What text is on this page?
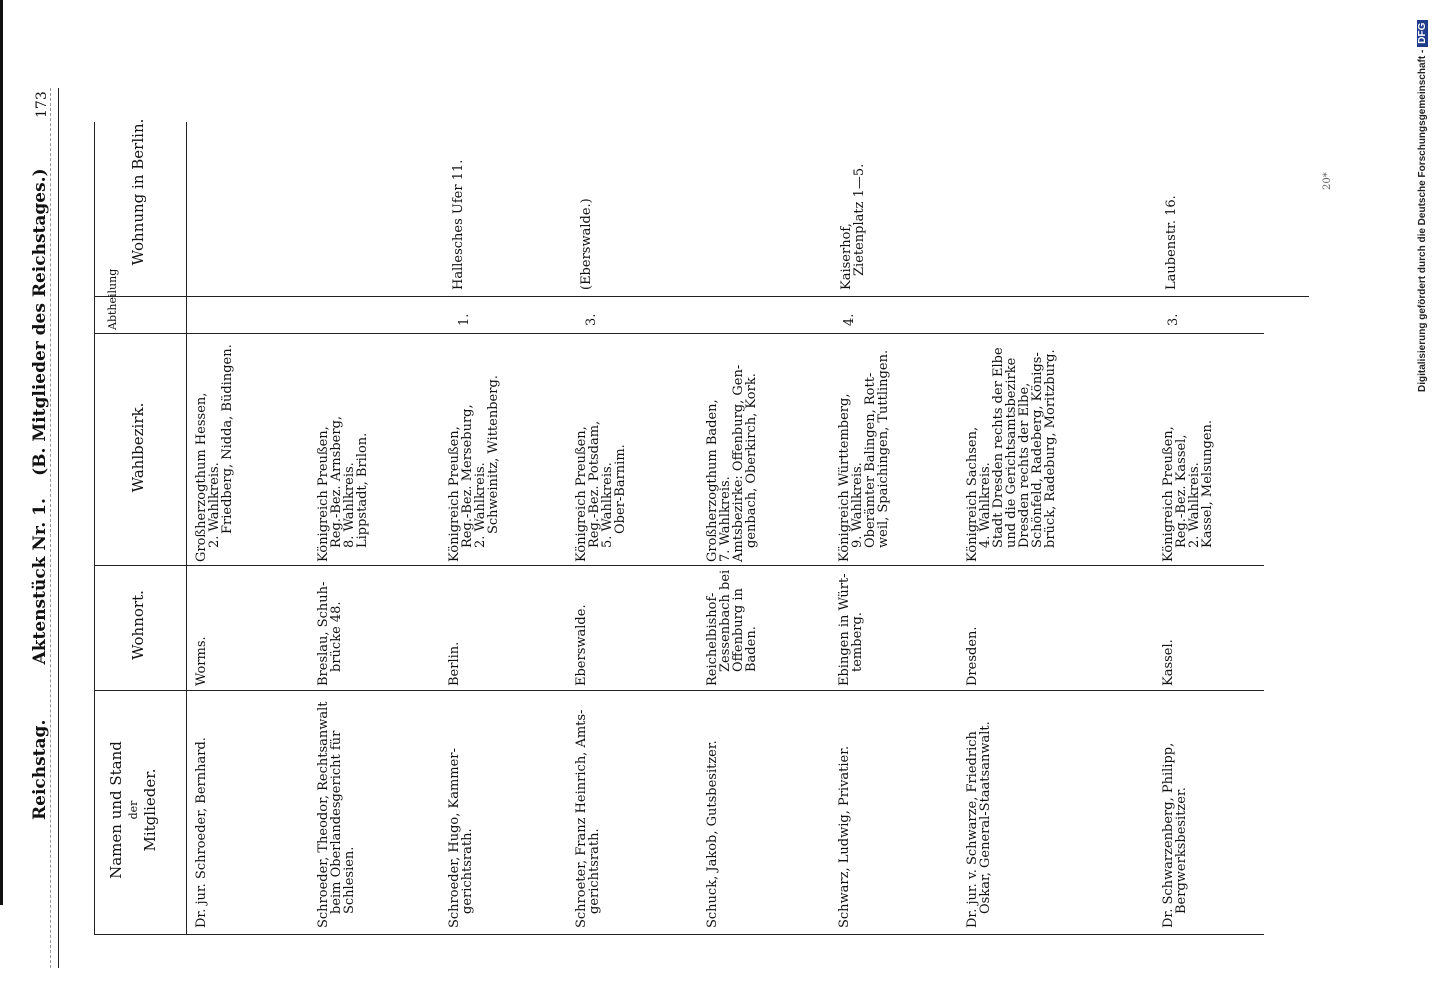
Reichstag.  Aktenstück Nr. 1.  (B. Mitglieder des Reichstages.)
173
Namen und Stand der Mitglieder.
Wohnort.
Wahlbezirk.
Abtheilung
Wohnung in Berlin.
Dr. jur. Schroeder, Bernhard.
Worms.
Großherzogthum Hessen,
2. Wahlkreis.
Friedberg, Nidda, Büdingen.
Schroeder, Theodor, Rechtsanwalt
beim Oberlandesgericht für
Schlesien.
Breslau, Schuh-
brücke 48.
Königreich Preußen,
Reg.-Bez. Arnsberg,
8. Wahlkreis.
Lippstadt, Brilon.
Schroeder, Hugo, Kammer-
gerichtsrath.
Berlin.
Königreich Preußen,
Reg.-Bez. Merseburg,
2. Wahlkreis.
Schweinitz, Wittenberg.
1.
Hallesches Ufer 11.
Schroeter, Franz Heinrich, Amts-
gerichtsrath.
Eberswalde.
Königreich Preußen,
Reg.-Bez. Potsdam,
5. Wahlkreis.
Ober-Barnim.
3.
(Eberswalde.)
Schuck, Jakob, Gutsbesitzer.
Reichelbishof-
Zessenbach bei
Offenburg in
Baden.
Großherzogthum Baden,
7. Wahlkreis.
Amtsbezirke: Offenburg, Gen-
genbach, Oberkirch, Kork.
Schwarz, Ludwig, Privatier.
Ebingen in Würt-
temberg.
Königreich Württemberg,
9. Wahlkreis.
Oberämter Balingen, Rott-
weil, Spaichingen, Tuttlingen.
4.
Kaiserhof,
Zietenplatz 1—5.
Dr. jur. v. Schwarze, Friedrich
Oskar, General-Staatsanwalt.
Dresden.
Königreich Sachsen,
4. Wahlkreis.
Stadt Dresden rechts der Elbe
und die Gerichtsamtsbezirke
Dresden rechts der Elbe,
Schönfeld, Radeberg, Königs-
brück, Radeburg, Moritzburg.
Dr. Schwarzenberg, Philipp,
Bergwerksbesitzer.
Kassel.
Königreich Preußen,
Reg.-Bez. Kassel,
2. Wahlkreis.
Kassel, Melsungen.
3.
Laubenstr. 16.
20*	Digitalisierung gefördert durch die Deutsche Forschungsgemeinschaft -DFG
